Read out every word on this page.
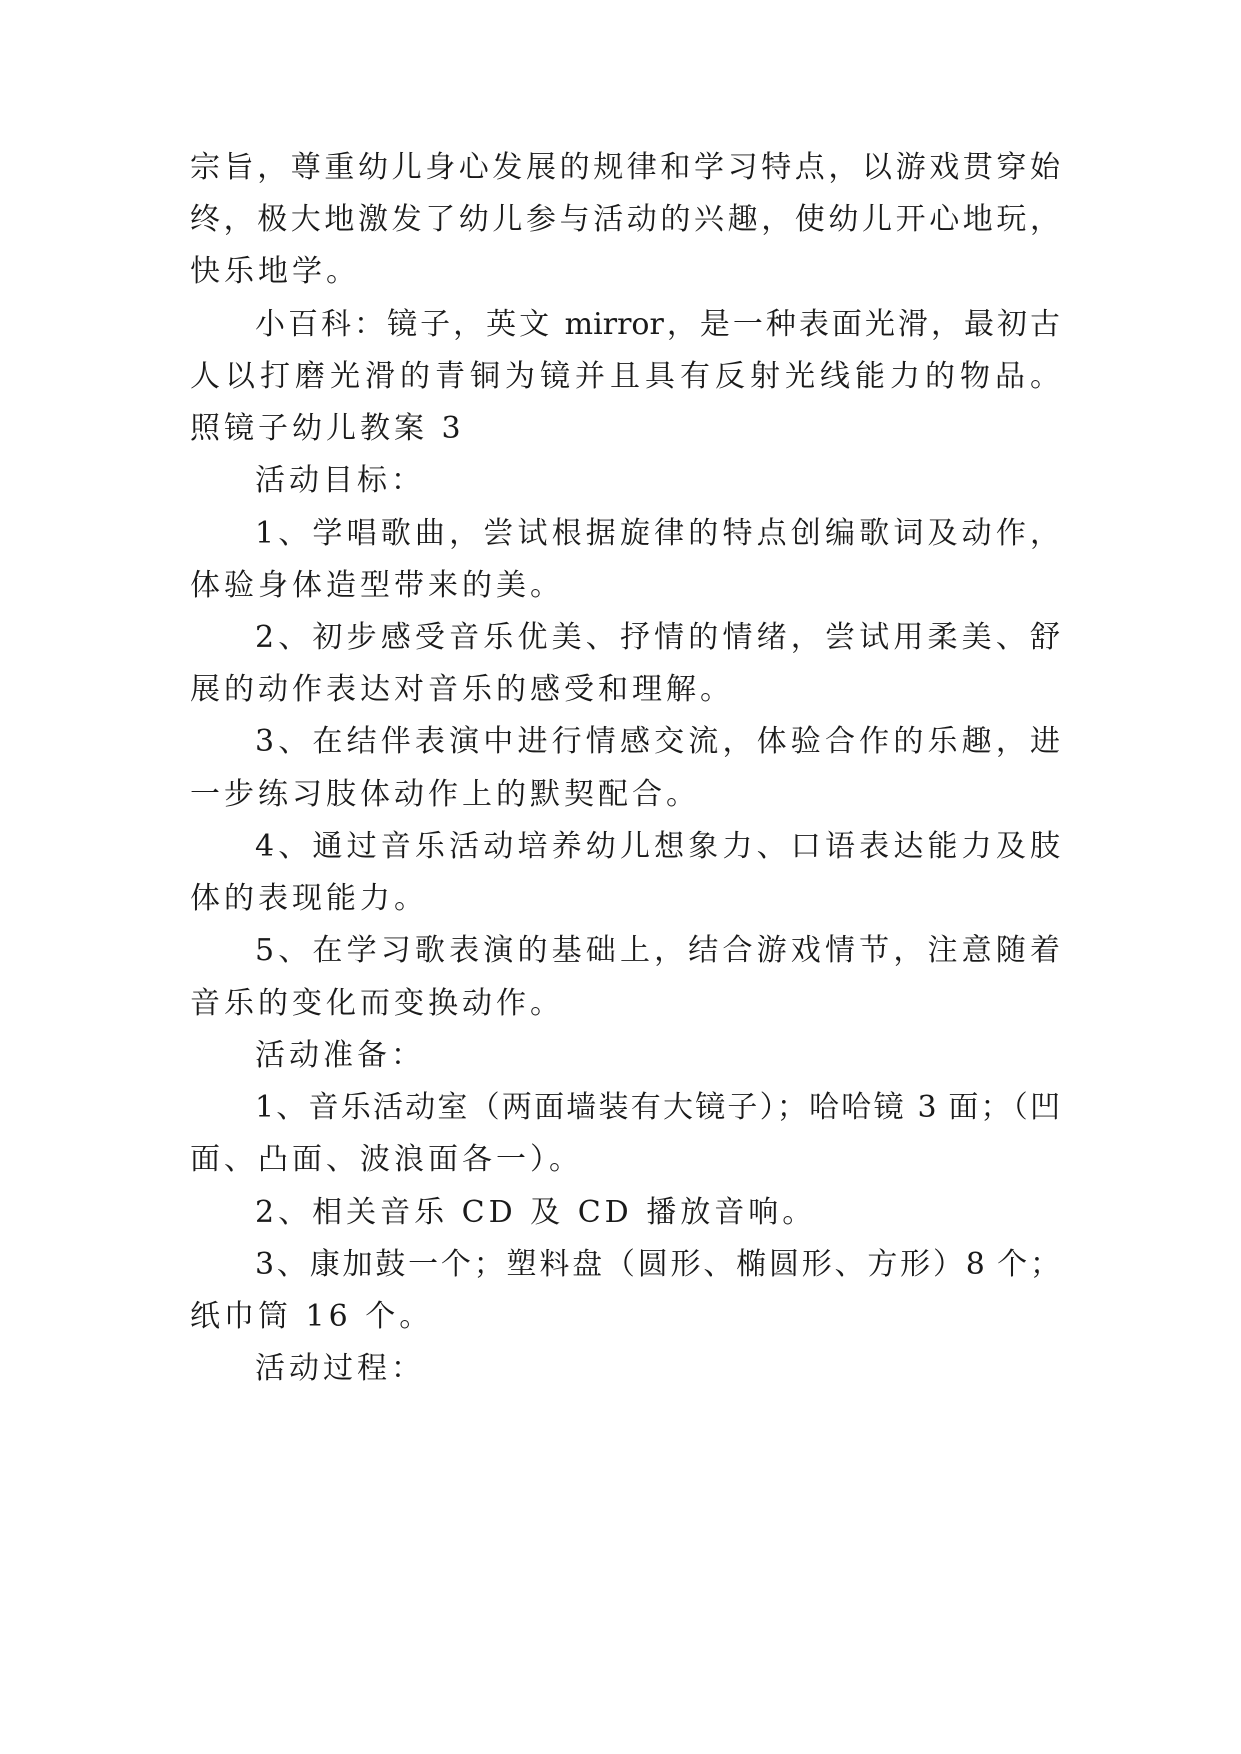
宗旨，尊重幼儿身心发展的规律和学习特点，以游戏贯穿始
终，极大地激发了幼儿参与活动的兴趣，使幼儿开心地玩，
快乐地学。
小百科：镜子，英文 mirror，是一种表面光滑，最初古
人以打磨光滑的青铜为镜并且具有反射光线能力的物品。
照镜子幼儿教案 3
活动目标：
1、学唱歌曲，尝试根据旋律的特点创编歌词及动作，
体验身体造型带来的美。
2、初步感受音乐优美、抒情的情绪，尝试用柔美、舒
展的动作表达对音乐的感受和理解。
3、在结伴表演中进行情感交流，体验合作的乐趣，进
一步练习肢体动作上的默契配合。
4、通过音乐活动培养幼儿想象力、口语表达能力及肢
体的表现能力。
5、在学习歌表演的基础上，结合游戏情节，注意随着
音乐的变化而变换动作。
活动准备：
1、音乐活动室（两面墙装有大镜子）；哈哈镜 3 面；（凹
面、凸面、波浪面各一）。
2、相关音乐 CD 及 CD 播放音响。
3、康加鼓一个；塑料盘（圆形、椭圆形、方形）8 个；
纸巾筒 16 个。
活动过程：
